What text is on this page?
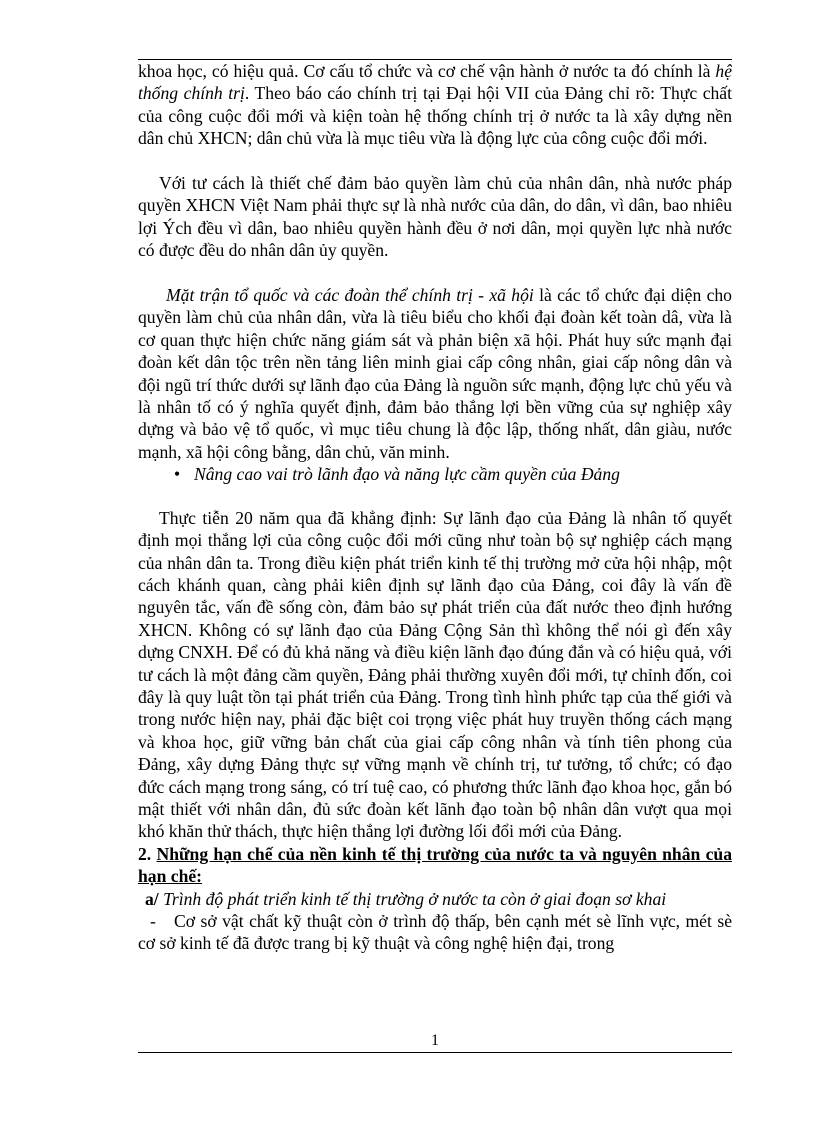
khoa học, có hiệu quả. Cơ cấu tổ chức và cơ chế vận hành ở nước ta đó chính là hệ thống chính trị. Theo báo cáo chính trị tại Đại hội VII của Đảng chỉ rõ: Thực chất của công cuộc đổi mới và kiện toàn hệ thống chính trị ở nước ta là xây dựng nền dân chủ XHCN; dân chủ vừa là mục tiêu vừa là động lực của công cuộc đổi mới.

Với tư cách là thiết chế đảm bảo quyền làm chủ của nhân dân, nhà nước pháp quyền XHCN Việt Nam phải thực sự là nhà nước của dân, do dân, vì dân, bao nhiêu lợi Ých đều vì dân, bao nhiêu quyền hành đều ở nơi dân, mọi quyền lực nhà nước có được đều do nhân dân ủy quyền.

Mặt trận tổ quốc và các đoàn thể chính trị - xã hội là các tổ chức đại diện cho quyền làm chủ của nhân dân, vừa là tiêu biểu cho khối đại đoàn kết toàn dâ, vừa là cơ quan thực hiện chức năng giám sát và phản biện xã hội. Phát huy sức mạnh đại đoàn kết dân tộc trên nền tảng liên minh giai cấp công nhân, giai cấp nông dân và đội ngũ trí thức dưới sự lãnh đạo của Đảng là nguồn sức mạnh, động lực chủ yếu và là nhân tố có ý nghĩa quyết định, đảm bảo thắng lợi bền vững của sự nghiệp xây dựng và bảo vệ tổ quốc, vì mục tiêu chung là độc lập, thống nhất, dân giàu, nước mạnh, xã hội công bằng, dân chủ, văn minh.

• Nâng cao vai trò lãnh đạo và năng lực cầm quyền của Đảng

Thực tiễn 20 năm qua đã khẳng định: Sự lãnh đạo của Đảng là nhân tố quyết định mọi thắng lợi của công cuộc đổi mới cũng như toàn bộ sự nghiệp cách mạng của nhân dân ta. Trong điều kiện phát triển kinh tế thị trường mở cửa hội nhập, một cách khánh quan, càng phải kiên định sự lãnh đạo của Đảng, coi đây là vấn đề nguyên tắc, vấn đề sống còn, đảm bảo sự phát triển của đất nước theo định hướng XHCN. Không có sự lãnh đạo của Đảng Cộng Sản thì không thể nói gì đến xây dựng CNXH. Để có đủ khả năng và điều kiện lãnh đạo đúng đắn và có hiệu quả, với tư cách là một đảng cầm quyền, Đảng phải thường xuyên đổi mới, tự chỉnh đốn, coi đây là quy luật tồn tại phát triển của Đảng. Trong tình hình phức tạp của thế giới và trong nước hiện nay, phải đặc biệt coi trọng việc phát huy truyền thống cách mạng và khoa học, giữ vững bản chất của giai cấp công nhân và tính tiên phong của Đảng, xây dựng Đảng thực sự vững mạnh về chính trị, tư tưởng, tổ chức; có đạo đức cách mạng trong sáng, có trí tuệ cao, có phương thức lãnh đạo khoa học, gắn bó mật thiết với nhân dân, đủ sức đoàn kết lãnh đạo toàn bộ nhân dân vượt qua mọi khó khăn thử thách, thực hiện thắng lợi đường lối đổi mới của Đảng.

2. Những hạn chế của nền kinh tế thị trường của nước ta và nguyên nhân của hạn chế:

a/ Trình độ phát triển kinh tế thị trường ở nước ta còn ở giai đoạn sơ khai

- Cơ sở vật chất kỹ thuật còn ở trình độ thấp, bên cạnh mét sè lĩnh vực, mét sè cơ sở kinh tế đã được trang bị kỹ thuật và công nghệ hiện đại, trong

1
